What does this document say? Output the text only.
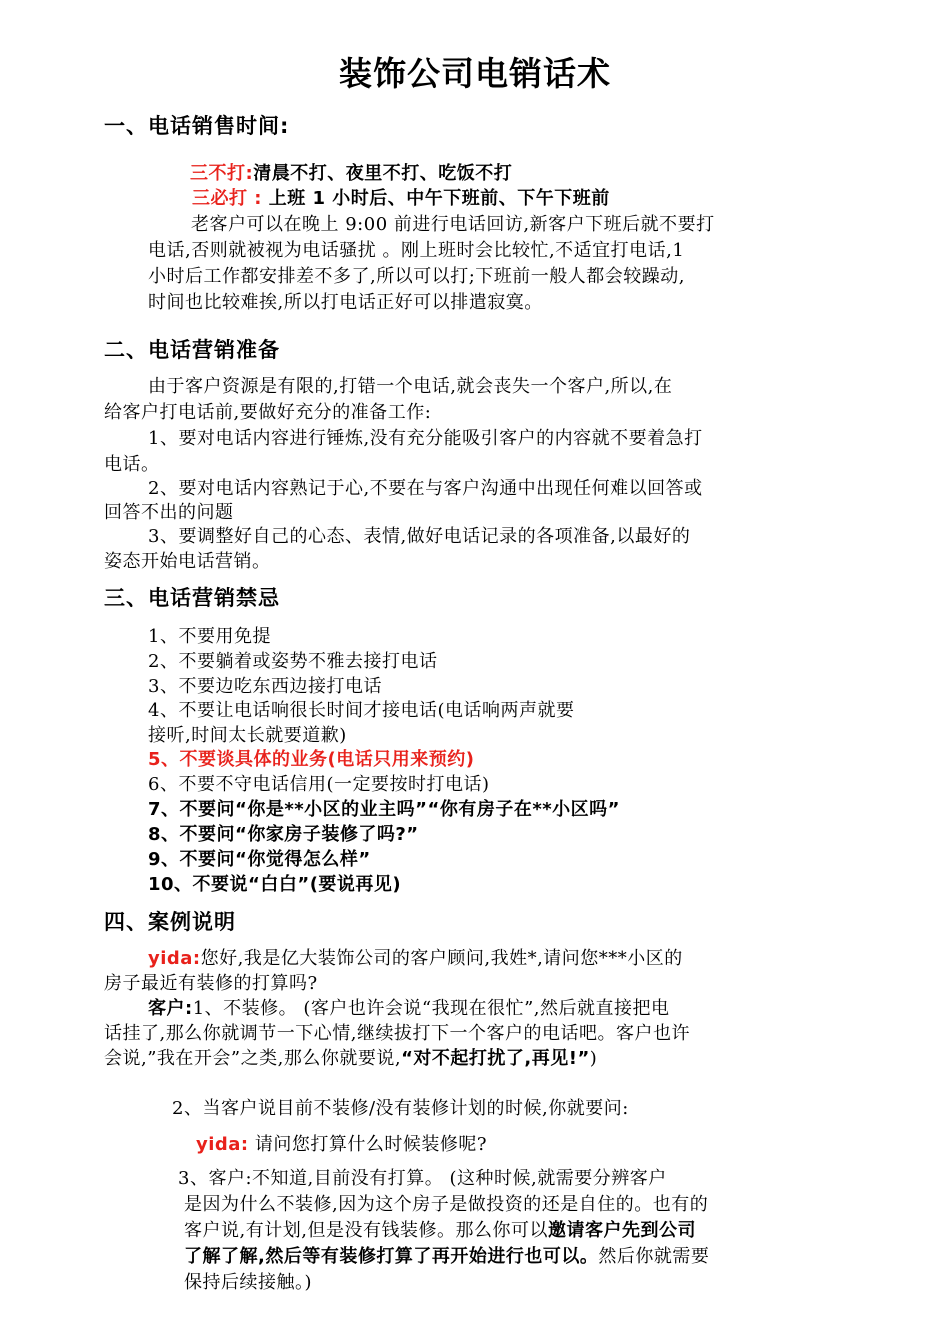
装饰公司电销话术
一、电话销售时间:
三不打:清晨不打、夜里不打、吃饭不打
三必打 : 上班 1 小时后、中午下班前、下午下班前
老客户可以在晚上 9:00 前进行电话回访,新客户下班后就不要打
电话,否则就被视为电话骚扰 。刚上班时会比较忙,不适宜打电话,1
小时后工作都安排差不多了,所以可以打;下班前一般人都会较躁动,
时间也比较难挨,所以打电话正好可以排遣寂寞。
二、电话营销准备
由于客户资源是有限的,打错一个电话,就会丧失一个客户,所以,在
给客户打电话前,要做好充分的准备工作:
1、要对电话内容进行锤炼,没有充分能吸引客户的内容就不要着急打
电话。
2、要对电话内容熟记于心,不要在与客户沟通中出现任何难以回答或
回答不出的问题
3、要调整好自己的心态、表情,做好电话记录的各项准备,以最好的
姿态开始电话营销。
三、电话营销禁忌
1、不要用免提
2、不要躺着或姿势不雅去接打电话
3、不要边吃东西边接打电话
4、不要让电话响很长时间才接电话(电话响两声就要
接听,时间太长就要道歉)
5、不要谈具体的业务(电话只用来预约)
6、不要不守电话信用(一定要按时打电话)
7、不要问“你是**小区的业主吗”“你有房子在**小区吗”
8、不要问“你家房子装修了吗?”
9、不要问“你觉得怎么样”
10、不要说“白白”(要说再见)
四、案例说明
yida:您好,我是亿大装饰公司的客户顾问,我姓*,请问您***小区的
房子最近有装修的打算吗?
客户:1、不装修。 (客户也许会说“我现在很忙”,然后就直接把电
话挂了,那么你就调节一下心情,继续拔打下一个客户的电话吧。客户也许
会说,”我在开会”之类,那么你就要说,“对不起打扰了,再见!”)
2、当客户说目前不装修/没有装修计划的时候,你就要问:
yida: 请问您打算什么时候装修呢?
3、客户:不知道,目前没有打算。 (这种时候,就需要分辨客户
是因为什么不装修,因为这个房子是做投资的还是自住的。也有的
客户说,有计划,但是没有钱装修。那么你可以邀请客户先到公司
了解了解,然后等有装修打算了再开始进行也可以。然后你就需要
保持后续接触。)
